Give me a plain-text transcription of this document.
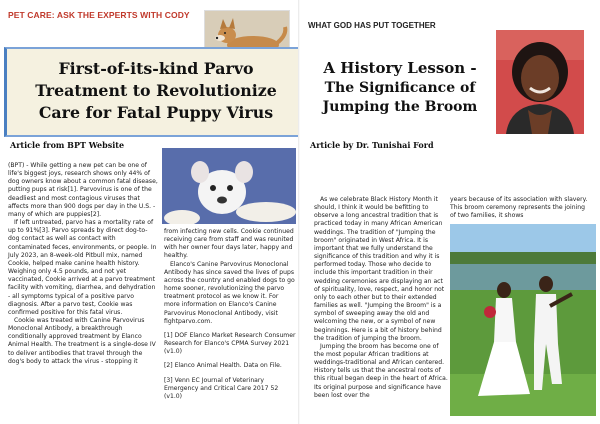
PET CARE: ASK THE EXPERTS WITH CODY
First-of-its-kind Parvo Treatment to Revolutionize Care for Fatal Puppy Virus
Article from BPT Website

(BPT) - While getting a new pet can be one of life's biggest joys, research shows only 44% of dog owners know about a common fatal disease, putting pups at risk[1]. Parvovirus is one of the deadliest and most contagious viruses that affects more than 900 dogs per day in the U.S. - many of which are puppies[2].

If left untreated, parvo has a mortality rate of up to 91%[3]. Parvo spreads by direct dog-to-dog contact as well as contact with contaminated feces, environments, or people. In July 2023, an 8-week-old Pitbull mix, named Cookie, helped make canine health history. Weighing only 4.5 pounds, and not yet vaccinated, Cookie arrived at a parvo treatment facility with vomiting, diarrhea, and dehydration - all symptoms typical of a positive parvo diagnosis. After a parvo test, Cookie was confirmed positive for this fatal virus.

Cookie was treated with Canine Parvovirus Monoclonal Antibody, a breakthrough conditionally approved treatment by Elanco Animal Health. The treatment is a single-dose IV to deliver antibodies that travel through the dog's body to attack the virus - stopping it

from infecting new cells. Cookie continued receiving care from staff and was reunited with her owner four days later, happy and healthy.

Elanco's Canine Parvovirus Monoclonal Antibody has since saved the lives of pups across the country and enabled dogs to go home sooner, revolutionizing the parvo treatment protocol as we know it. For more information on Elanco's Canine Parvovirus Monoclonal Antibody, visit fightparvo.com.

[1] DOF Elanco Market Research Consumer Research for Elanco's CPMA Survey 2021 (v1.0)

[2] Elanco Animal Health. Data on File.

[3] Venn EC Journal of Veterinary Emergency and Critical Care 2017 52 (v1.0)

WHAT GOD HAS PUT TOGETHER
A History Lesson -
The Significance of Jumping the Broom
Article by Dr. Tunishai Ford

As we celebrate Black History Month it should, I think it would be befitting to observe a long ancestral tradition that is practiced today in many African American weddings. The tradition of "Jumping the broom" originated in West Africa. It is important that we fully understand the significance of this tradition and why it is performed today. Those who decide to include this important tradition in their wedding ceremonies are displaying an act of spirituality, love, respect, and honor not only to each other but to their extended families as well. "Jumping the Broom" is a symbol of sweeping away the old and welcoming the new, or a symbol of new beginnings. Here is a bit of history behind the tradition of jumping the broom.

Jumping the broom has become one of the most popular African traditions at weddings-traditional and African centered. History tells us that the ancestral roots of this ritual began deep in the heart of Africa. Its original purpose and significance have been lost over the

years because of its association with slavery. This broom ceremony represents the joining of two families, it shows
